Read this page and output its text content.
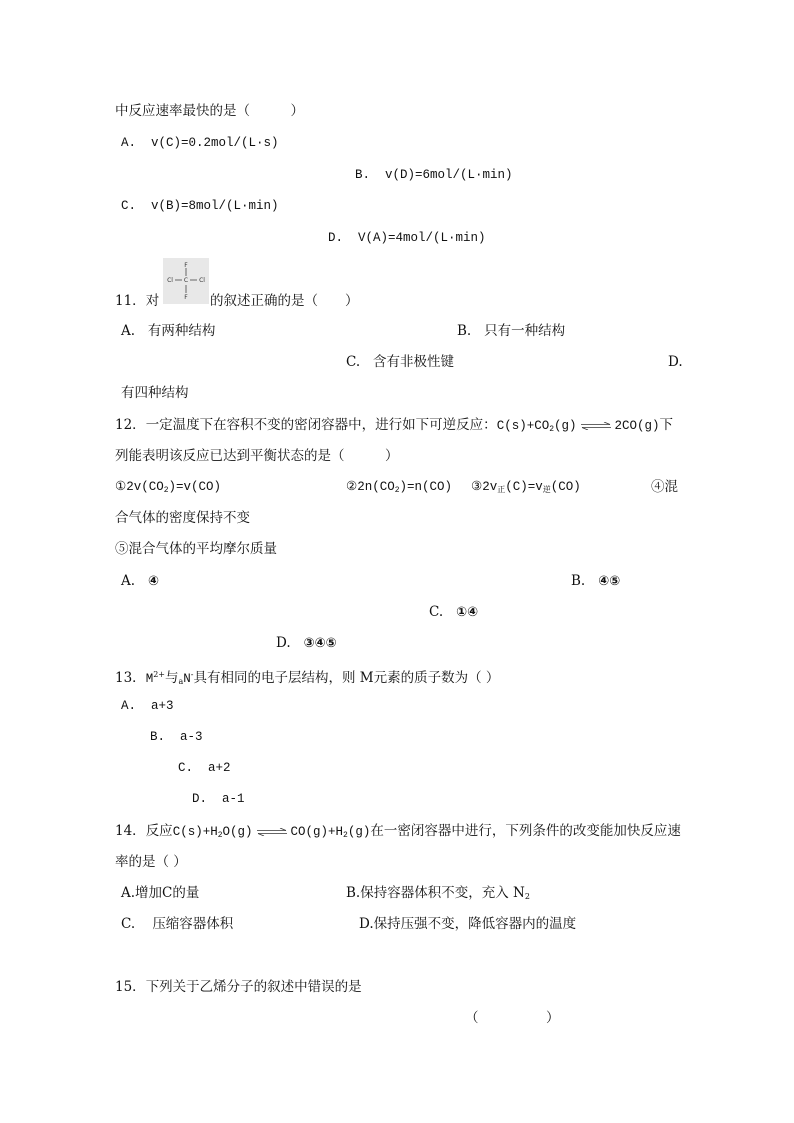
中反应速率最快的是（　　　）
A. v(C)=0.2mol/(L·s)
B. v(D)=6mol/(L·min)
C. v(B)=8mol/(L·min)
D. V(A)=4mol/(L·min)
F
Cl C Cl
F
11．对	的叙述正确的是（　　）
A. 有两种结构	B. 只有一种结构
C. 含有非极性键	D.
有四种结构
12．一定温度下在容积不变的密闭容器中，进行如下可逆反应：$C(s)+CO_2(g)$ ⇌ 2CO(g)下
列能表明该反应已达到平衡状态的是（　　　）
$①2v(CO_2)=v(CO)$	$②2n(CO_2)=n(CO)$ $③2v_正(C)=v_逆(CO)$	④混
合气体的密度保持不变
⑤混合气体的平均摩尔质量
A. ④	B. ④⑤
C. ①④
D. ③④⑤
13．$M^{2+}$与$_a$N-具有相同的电子层结构，则 M元素的质子数为（ ）
A. a+3
B. a-3
C. a+2
D. a-1
14．反应$C(s)+H_2O(g)$ ⇌ $CO(g)+H_2(g)$在一密闭容器中进行，下列条件的改变能加快反应速
率的是（ ）
A.增加C的量	B.保持容器体积不变，充入 $N_2$
C. 压缩容器体积	D.保持压强不变，降低容器内的温度
15．下列关于乙烯分子的叙述中错误的是
（　　　　　）
